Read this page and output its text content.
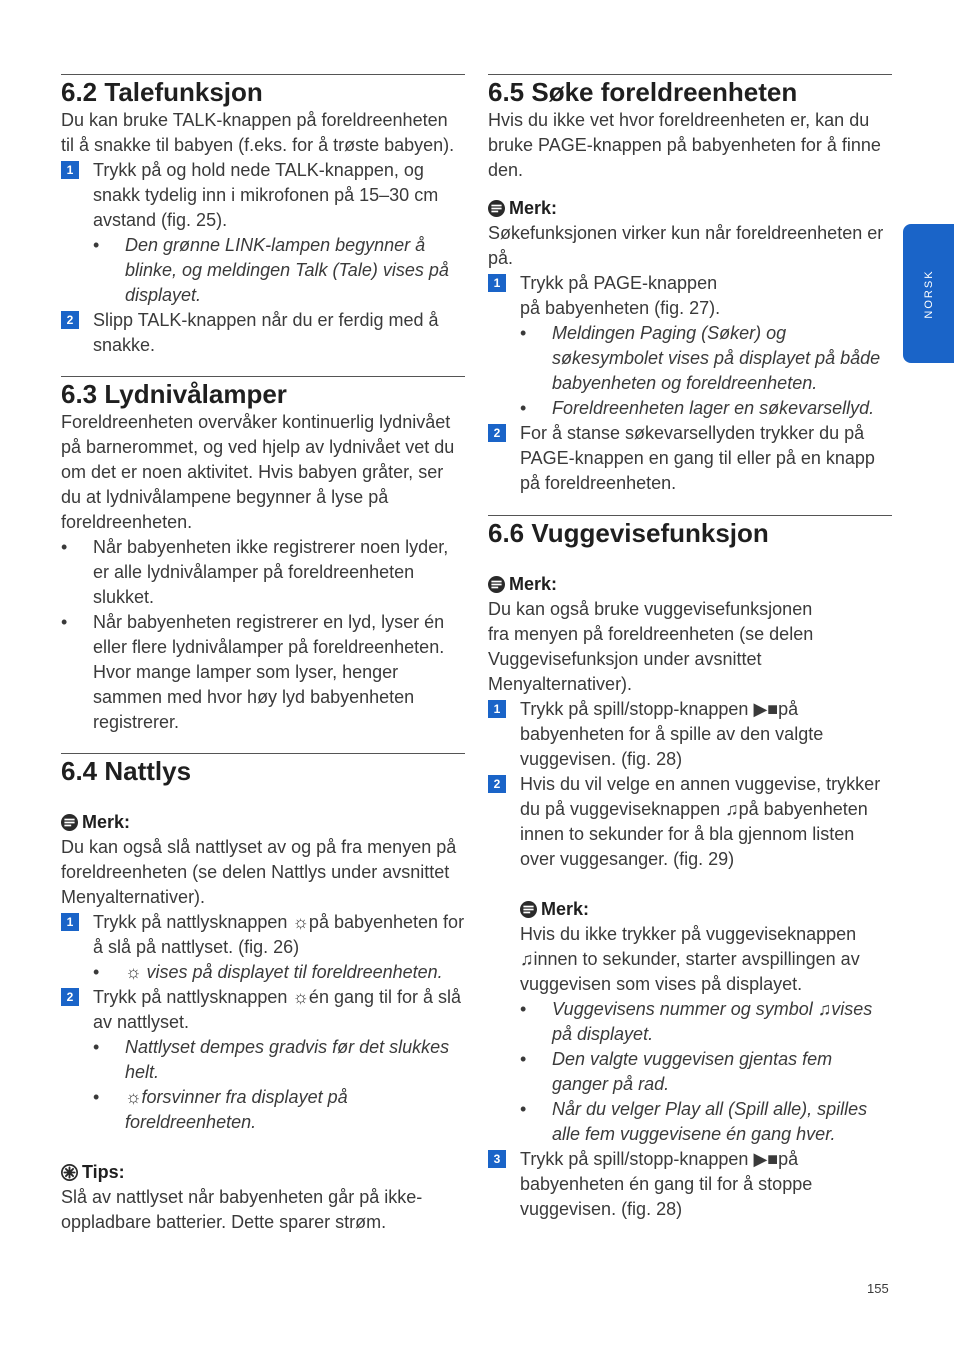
6.2 Talefunksjon

Du kan bruke TALK-knappen på foreldreenheten til å snakke til babyen (f.eks. for å trøste babyen).

1	Trykk på og hold nede TALK-knappen, og snakk tydelig inn i mikrofonen på 15–30 cm avstand (fig. 25).
•	Den grønne LINK-lampen begynner å blinke, og meldingen Talk (Tale) vises på displayet.
2	Slipp TALK-knappen når du er ferdig med å snakke.
6.3 Lydnivålamper

Foreldreenheten overvåker kontinuerlig lydnivået på barnerommet, og ved hjelp av lydnivået vet du om det er noen aktivitet. Hvis babyen gråter, ser du at lydnivålampene begynner å lyse på foreldreenheten.

•	Når babyenheten ikke registrerer noen lyder, er alle lydnivålamper på foreldreenheten slukket.
•	Når babyenheten registrerer en lyd, lyser én eller flere lydnivålamper på foreldreenheten. Hvor mange lamper som lyser, henger sammen med hvor høy lyd babyenheten registrerer.
6.4 Nattlys
Merk:

Du kan også slå nattlyset av og på fra menyen på foreldreenheten (se delen Nattlys under avsnittet Menyalternativer).

1	Trykk på nattlysknappen ☼på babyenheten for å slå på nattlyset. (fig. 26)
•	☼ vises på displayet til foreldreenheten.
2	Trykk på nattlysknappen ☼én gang til for å slå av nattlyset.
•	Nattlyset dempes gradvis før det slukkes helt.
•	☼forsvinner fra displayet på foreldreenheten.
Tips:

Slå av nattlyset når babyenheten går på ikke-oppladbare batterier. Dette sparer strøm.

6.5 Søke foreldreenheten

Hvis du ikke vet hvor foreldreenheten er, kan du bruke PAGE-knappen på babyenheten for å finne den.

Merk:

Søkefunksjonen virker kun når foreldreenheten er på.

1	Trykk på PAGE-knappen på babyenheten (fig. 27).
•	Meldingen Paging (Søker) og søkesymbolet vises på displayet på både babyenheten og foreldreenheten.
•	Foreldreenheten lager en søkevarsellyd.
2	For å stanse søkevarsellyden trykker du på PAGE-knappen en gang til eller på en knapp på foreldreenheten.
6.6 Vuggevisefunksjon
Merk:

Du kan også bruke vuggevisefunksjonen fra menyen på foreldreenheten (se delen Vuggevisefunksjon under avsnittet Menyalternativer).

1	Trykk på spill/stopp-knappen ▶■på babyenheten for å spille av den valgte vuggevisen. (fig. 28)
2	Hvis du vil velge en annen vuggevise, trykker du på vuggeviseknappen ♫på babyenheten innen to sekunder for å bla gjennom listen over vuggesanger. (fig. 29)
Merk:

Hvis du ikke trykker på vuggeviseknappen ♫innen to sekunder, starter avspillingen av vuggevisen som vises på displayet.

•	Vuggevisens nummer og symbol ♫vises på displayet.
•	Den valgte vuggevisen gjentas fem ganger på rad.
•	Når du velger Play all (Spill alle), spilles alle fem vuggevisene én gang hver.
3	Trykk på spill/stopp-knappen ▶■på babyenheten én gang til for å stoppe vuggevisen. (fig. 28)
NORSK
155
